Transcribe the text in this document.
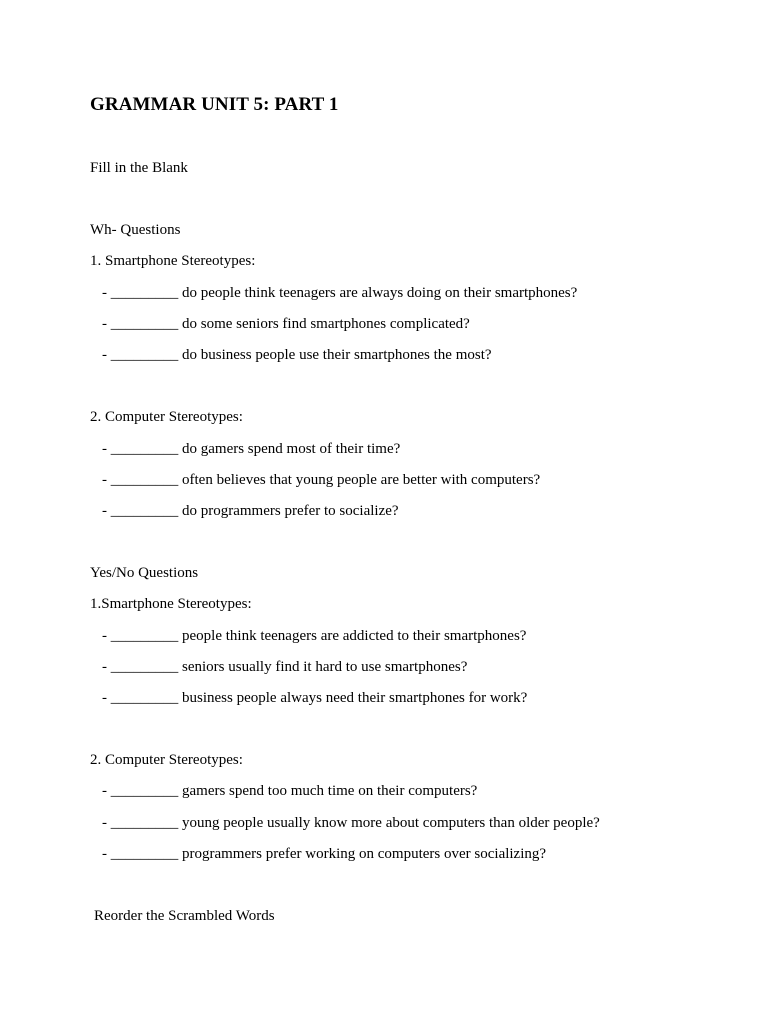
GRAMMAR UNIT 5: PART 1
Fill in the Blank
Wh- Questions
1. Smartphone Stereotypes:
- _________ do people think teenagers are always doing on their smartphones?
- _________ do some seniors find smartphones complicated?
- _________ do business people use their smartphones the most?
2. Computer Stereotypes:
- _________ do gamers spend most of their time?
- _________ often believes that young people are better with computers?
- _________ do programmers prefer to socialize?
Yes/No Questions
1.Smartphone Stereotypes:
- _________ people think teenagers are addicted to their smartphones?
- _________ seniors usually find it hard to use smartphones?
- _________ business people always need their smartphones for work?
2. Computer Stereotypes:
- _________ gamers spend too much time on their computers?
- _________ young people usually know more about computers than older people?
- _________ programmers prefer working on computers over socializing?
Reorder the Scrambled Words
